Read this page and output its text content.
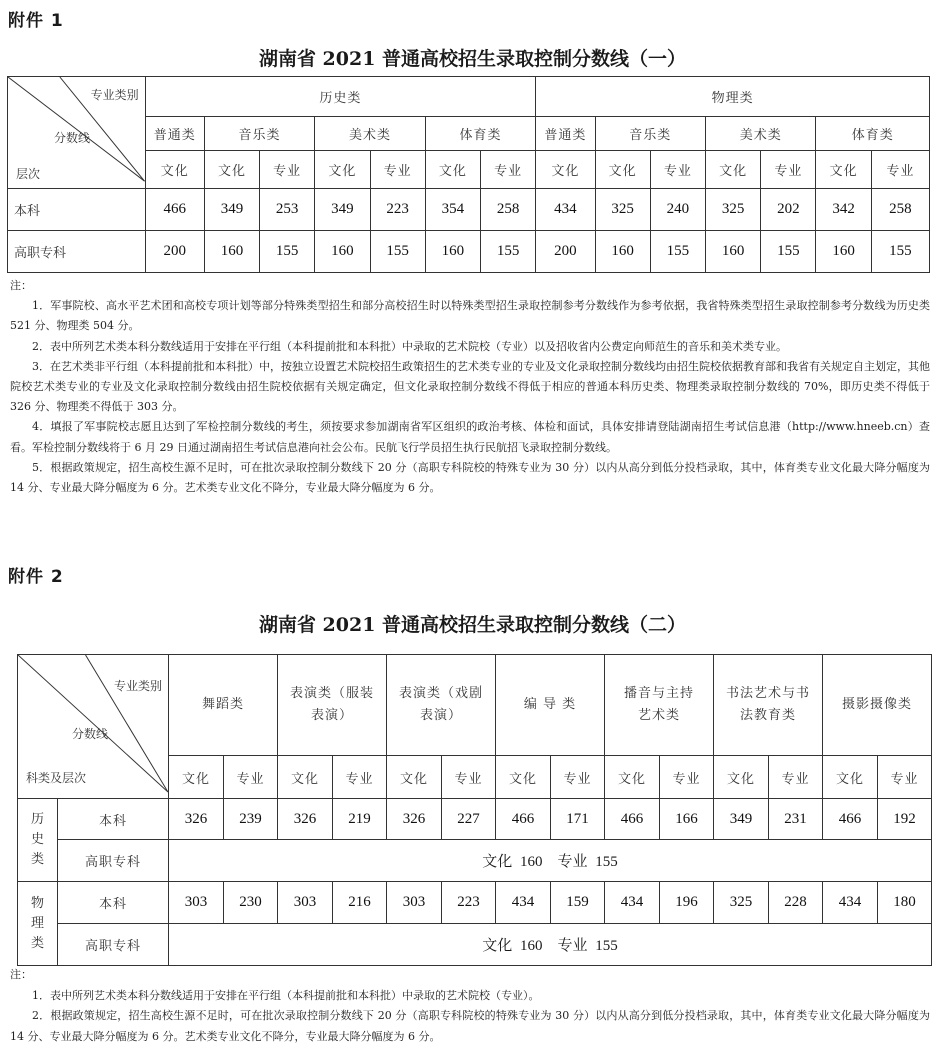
附件 1
湖南省 2021 普通高校招生录取控制分数线（一）
专业类别
分数线
层次	历史类							物理类						
	普通类	音乐类		美术类		体育类		普通类	音乐类		美术类		体育类	
	文化	文化	专业	文化	专业	文化	专业	文化	文化	专业	文化	专业	文化	专业
本科	466	349	253	349	223	354	258	434	325	240	325	202	342	258
高职专科	200	160	155	160	155	160	155	200	160	155	160	155	160	155

注：

1．军事院校、高水平艺术团和高校专项计划等部分特殊类型招生和部分高校招生时以特殊类型招生录取控制参考分数线作为参考依据，我省特殊类型招生录取控制参考分数线为历史类 521 分、物理类 504 分。

2．表中所列艺术类本科分数线适用于安排在平行组（本科提前批和本科批）中录取的艺术院校（专业）以及招收省内公费定向师范生的音乐和美术类专业。

3．在艺术类非平行组（本科提前批和本科批）中，按独立设置艺术院校招生政策招生的艺术类专业的专业及文化录取控制分数线均由招生院校依据教育部和我省有关规定自主划定，其他院校艺术类专业的专业及文化录取控制分数线由招生院校依据有关规定确定，但文化录取控制分数线不得低于相应的普通本科历史类、物理类录取控制分数线的 70%，即历史类不得低于 326 分、物理类不得低于 303 分。

4．填报了军事院校志愿且达到了军检控制分数线的考生，须按要求参加湖南省军区组织的政治考核、体检和面试，具体安排请登陆湖南招生考试信息港（http://www.hneeb.cn）查看。军检控制分数线将于 6 月 29 日通过湖南招生考试信息港向社会公布。民航飞行学员招生执行民航招飞录取控制分数线。

5．根据政策规定，招生高校生源不足时，可在批次录取控制分数线下 20 分（高职专科院校的特殊专业为 30 分）以内从高分到低分投档录取，其中，体育类专业文化最大降分幅度为 14 分、专业最大降分幅度为 6 分。艺术类专业文化不降分，专业最大降分幅度为 6 分。

附件 2
湖南省 2021 普通高校招生录取控制分数线（二）
专业类别
分数线
科类及层次		舞蹈类		表演类（服装表演）		表演类（戏剧表演）		编 导 类		播音与主持艺术类		书法艺术与书法教育类		摄影摄像类	

		文化	专业	文化	专业	文化	专业	文化	专业	文化	专业	文化	专业	文化	专业

历
史
类	本科	326	239	326	219	326	227	466	171	466	166	349	231	466	192
	高职专科	文化 160　专业 155													

物
理
类	本科	303	230	303	216	303	223	434	159	434	196	325	228	434	180
	高职专科	文化 160　专业 155													

注：

1．表中所列艺术类本科分数线适用于安排在平行组（本科提前批和本科批）中录取的艺术院校（专业）。

2．根据政策规定，招生高校生源不足时，可在批次录取控制分数线下 20 分（高职专科院校的特殊专业为 30 分）以内从高分到低分投档录取，其中，体育类专业文化最大降分幅度为 14 分、专业最大降分幅度为 6 分。艺术类专业文化不降分，专业最大降分幅度为 6 分。
